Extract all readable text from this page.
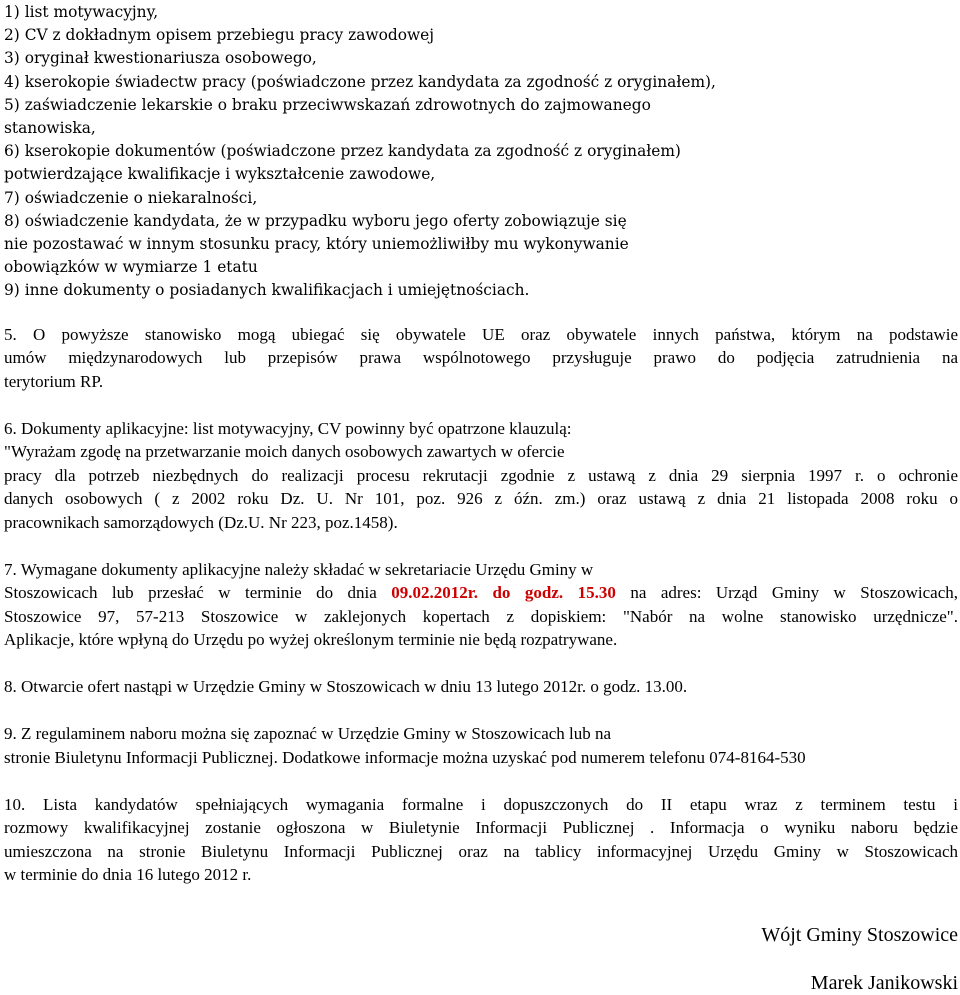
1) list motywacyjny,
2) CV z dokładnym opisem przebiegu pracy zawodowej
3) oryginał kwestionariusza osobowego,
4) kserokopie świadectw pracy (poświadczone przez kandydata za zgodność z oryginałem),
5) zaświadczenie lekarskie o braku przeciwwskazań zdrowotnych do zajmowanego
stanowiska,
6) kserokopie dokumentów (poświadczone przez kandydata za zgodność z oryginałem)
potwierdzające kwalifikacje i wykształcenie zawodowe,
7) oświadczenie o niekaralności,
8) oświadczenie kandydata, że w przypadku wyboru jego oferty zobowiązuje się
nie pozostawać w innym stosunku pracy, który uniemożliwiłby mu wykonywanie
obowiązków w wymiarze 1 etatu
9) inne dokumenty o posiadanych kwalifikacjach i umiejętnościach.
5. O powyższe stanowisko mogą ubiegać się obywatele UE oraz obywatele innych państwa, którym na podstawie
umów międzynarodowych lub przepisów prawa wspólnotowego przysługuje prawo do podjęcia zatrudnienia na
terytorium RP.
6. Dokumenty aplikacyjne: list motywacyjny, CV powinny być opatrzone klauzulą:
"Wyrażam zgodę na przetwarzanie moich danych osobowych zawartych w ofercie
pracy dla potrzeb niezbędnych do realizacji procesu rekrutacji zgodnie z ustawą z dnia 29 sierpnia 1997 r. o ochronie
danych osobowych ( z 2002 roku Dz. U. Nr 101, poz. 926 z óźn. zm.) oraz ustawą z dnia 21 listopada 2008 roku o
pracownikach samorządowych (Dz.U. Nr 223, poz.1458).
7. Wymagane dokumenty aplikacyjne należy składać w sekretariacie Urzędu Gminy w
Stoszowicach lub przesłać w terminie do dnia 09.02.2012r. do godz. 15.30 na adres: Urząd Gminy w Stoszowicach,
Stoszowice 97, 57-213 Stoszowice w zaklejonych kopertach z dopiskiem: "Nabór na wolne stanowisko urzędnicze".
Aplikacje, które wpłyną do Urzędu po wyżej określonym terminie nie będą rozpatrywane.
8. Otwarcie ofert nastąpi w Urzędzie Gminy w Stoszowicach w dniu 13 lutego 2012r. o godz. 13.00.
9. Z regulaminem naboru można się zapoznać w Urzędzie Gminy w Stoszowicach lub na
stronie Biuletynu Informacji Publicznej. Dodatkowe informacje można uzyskać pod numerem telefonu 074-8164-530
10. Lista kandydatów spełniających wymagania formalne i dopuszczonych do II etapu wraz z terminem testu i
rozmowy kwalifikacyjnej zostanie ogłoszona w Biuletynie Informacji Publicznej . Informacja o wyniku naboru będzie
umieszczona na stronie Biuletynu Informacji Publicznej oraz na tablicy informacyjnej Urzędu Gminy w Stoszowicach
w terminie do dnia 16 lutego 2012 r.
Wójt Gminy Stoszowice
Marek Janikowski
